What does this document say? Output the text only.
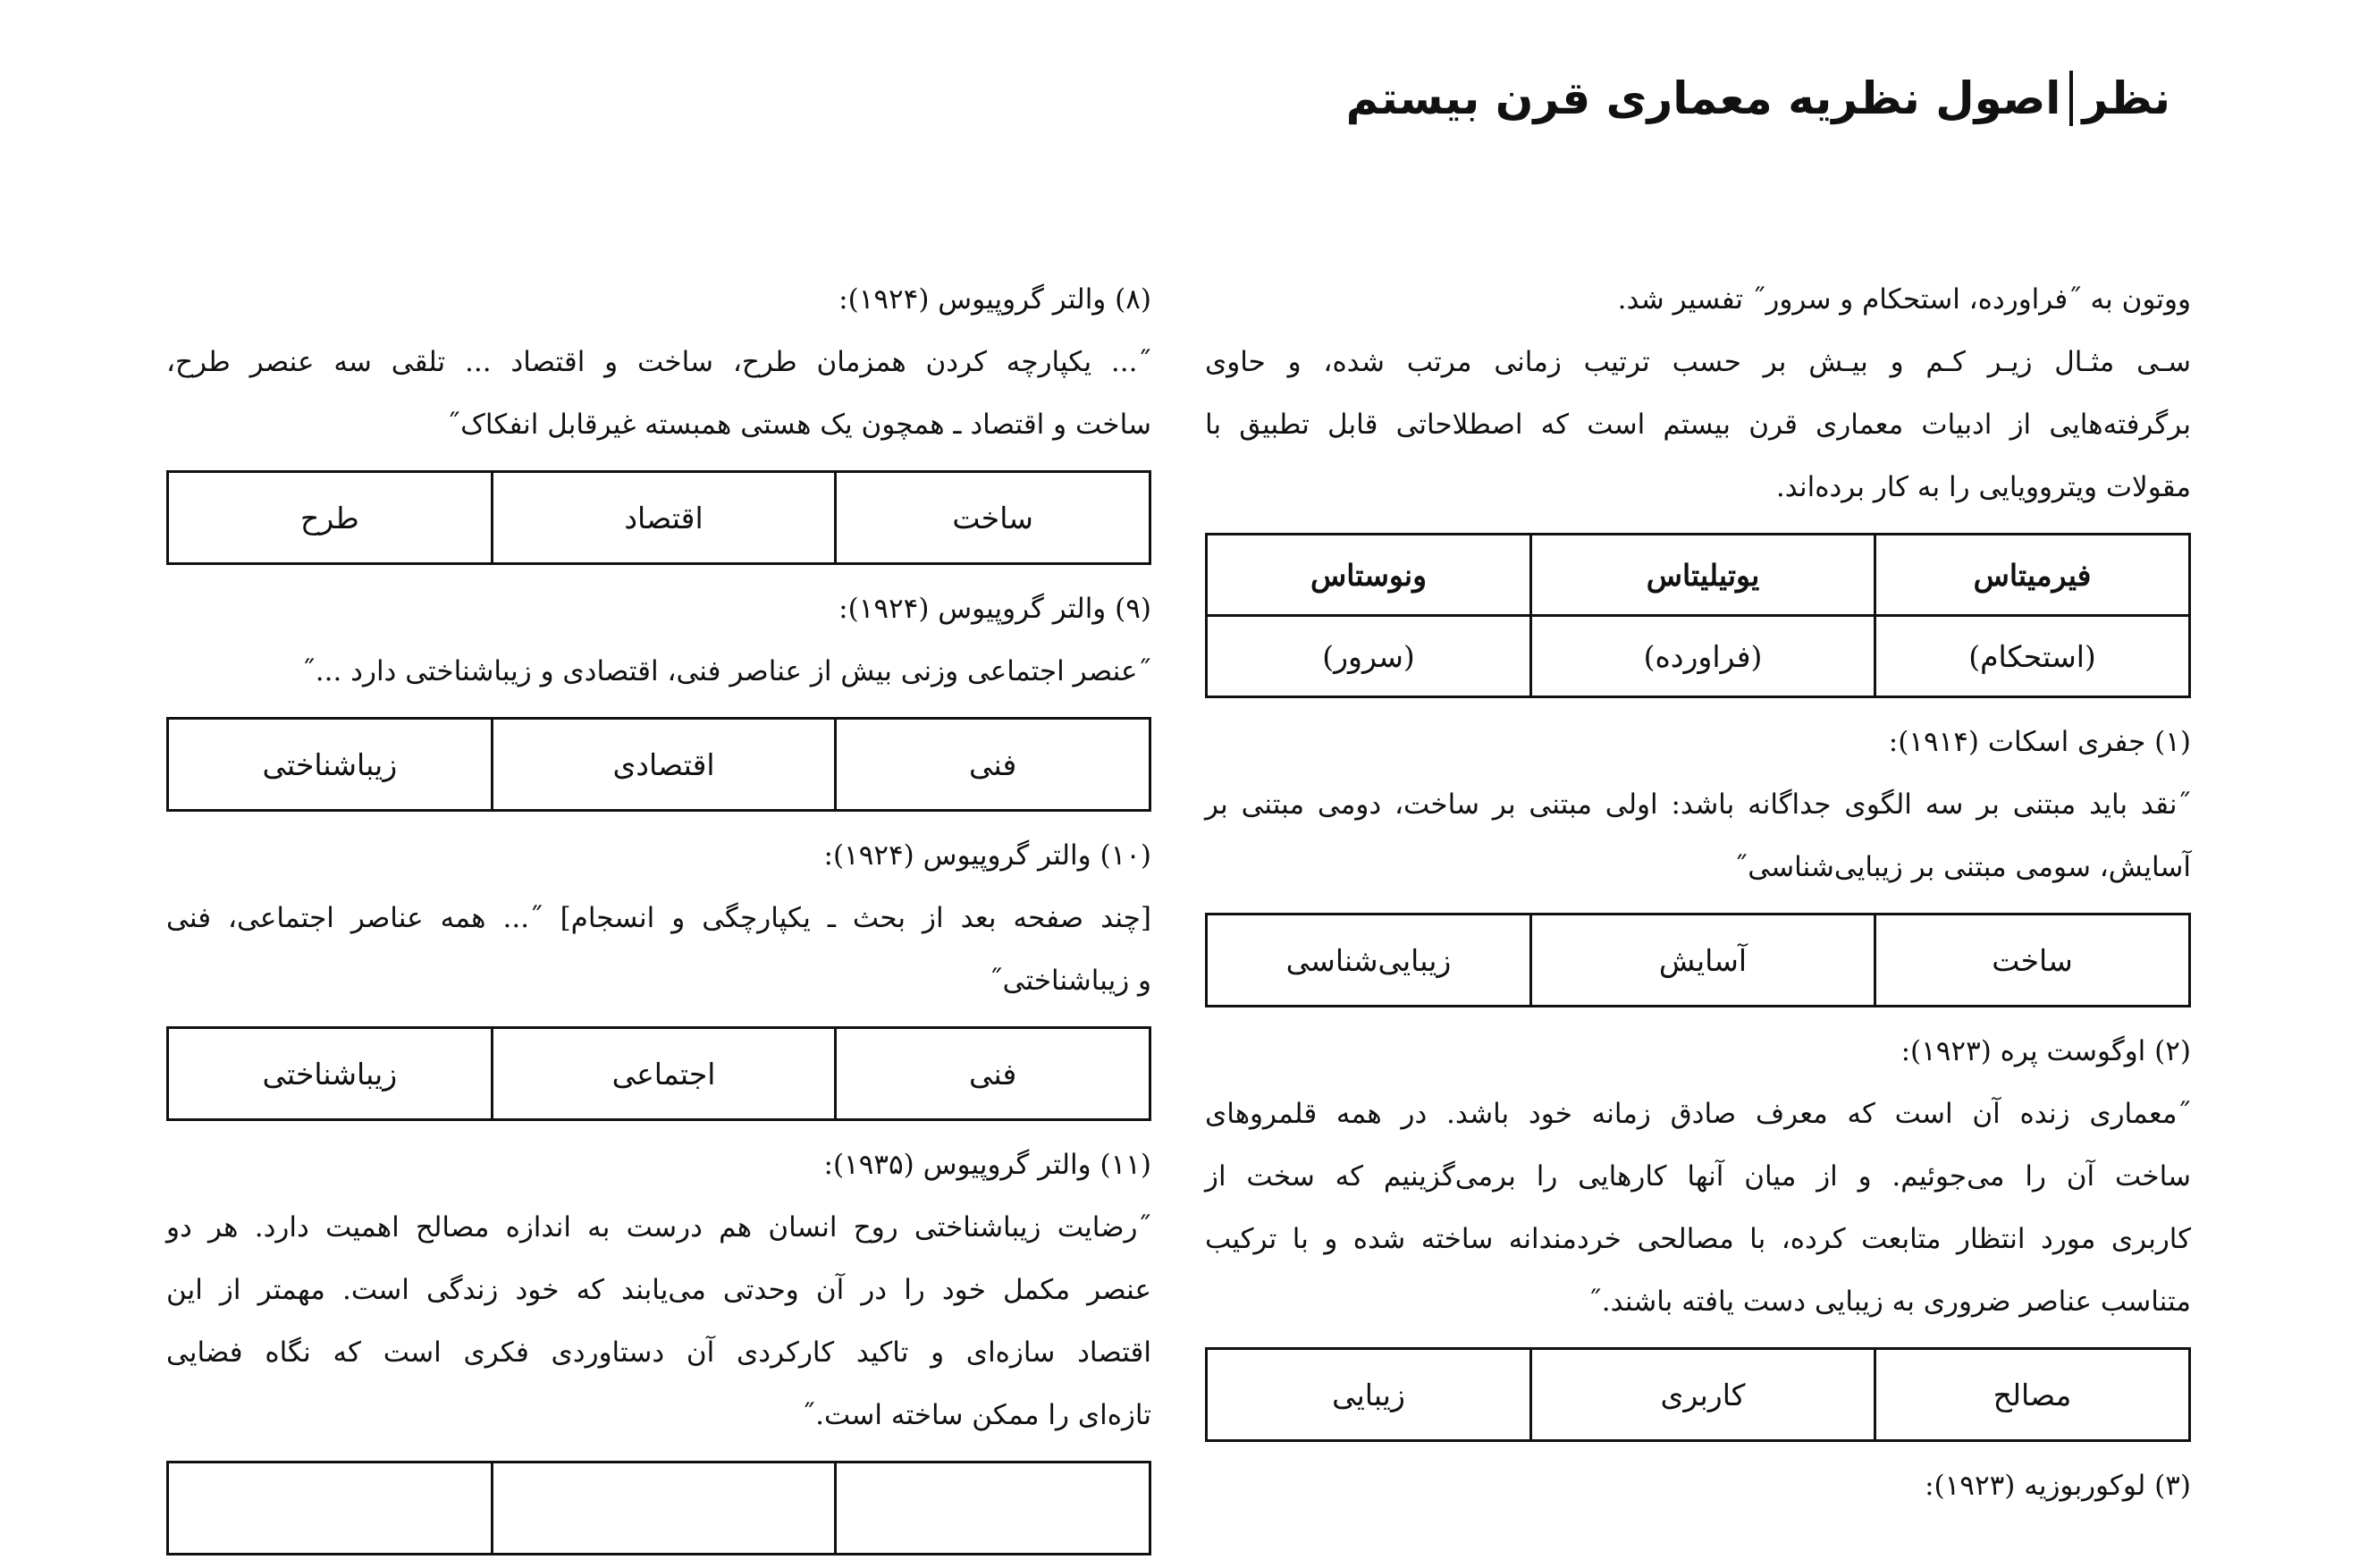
نظر
اصول نظریه معماری قرن بیستم
ووتون به ˝فراورده، استحکام و سرور˝ تفسیر شد.
سـی مثـال زیـر کـم و بیـش بر حسب ترتیب زمانی مرتب شده، و حاوی
برگرفته‌هایی از ادبیات معماری قرن بیستم است که اصطلاحاتی قابل تطبیق با
مقولات ویتروویایی را به کار برده‌اند.
فیرمیتاس	یوتیلیتاس	ونوستاس
(استحکام)	(فراورده)	(سرور)
(۱) جفری اسکات (۱۹۱۴):
˝نقد باید مبتنی بر سه الگوی جداگانه باشد: اولی مبتنی بر ساخت، دومی مبتنی بر
آسایش، سومی مبتنی بر زیبایی‌شناسی˝
ساخت	آسایش	زیبایی‌شناسی
(۲) اوگوست پره (۱۹۲۳):
˝معماری زنده آن است که معرف صادق زمانه خود باشد. در همه قلمروهای
ساخت آن را می‌جوئیم. و از میان آنها کارهایی را برمی‌گزینیم که سخت از
کاربری مورد انتظار متابعت کرده، با مصالحی خردمندانه ساخته شده و با ترکیب
متناسب عناصر ضروری به زیبایی دست یافته باشند.˝
مصالح	کاربری	زیبایی
(۳) لوکوربوزیه (۱۹۲۳):
(۸) والتر گروپیوس (۱۹۲۴):
˝... یکپارچه کردن همزمان طرح، ساخت و اقتصاد ... تلقی سه عنصر طرح،
ساخت و اقتصاد ـ همچون یک هستی همبسته غیرقابل انفکاک˝
ساخت	اقتصاد	طرح
(۹) والتر گروپیوس (۱۹۲۴):
˝عنصر اجتماعی وزنی بیش از عناصر فنی، اقتصادی و زیباشناختی دارد ...˝
فنی	اقتصادی	زیباشناختی
(۱۰) والتر گروپیوس (۱۹۲۴):
[چند صفحه بعد از بحث ـ یکپارچگی و انسجام] ˝... همه عناصر اجتماعی، فنی
و زیباشناختی˝
فنی	اجتماعی	زیباشناختی
(۱۱) والتر گروپیوس (۱۹۳۵):
˝رضایت زیباشناختی روح انسان هم درست به اندازه مصالح اهمیت دارد. هر دو
عنصر مکمل خود را در آن وحدتی می‌یابند که خود زندگی است. مهمتر از این
اقتصاد سازه‌ای و تاکید کارکردی آن دستاوردی فکری است که نگاه فضایی
تازه‌ای را ممکن ساخته است.˝
